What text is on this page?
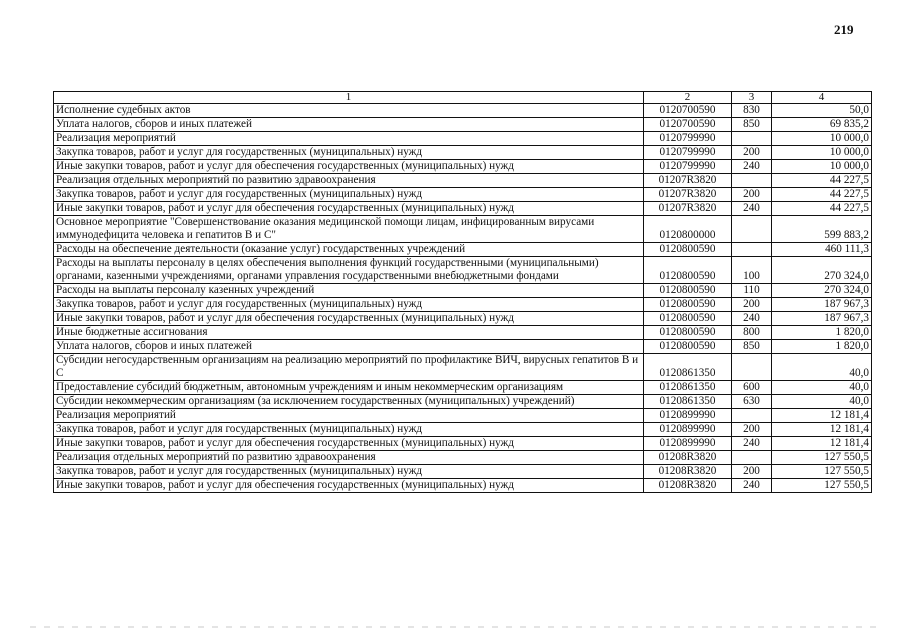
219
1	2	3	4
Исполнение судебных актов	0120700590	830	50,0
Уплата налогов, сборов и иных платежей	0120700590	850	69 835,2
Реализация мероприятий	0120799990		10 000,0
Закупка товаров, работ и услуг для государственных (муниципальных) нужд	0120799990	200	10 000,0
Иные закупки товаров, работ и услуг для обеспечения государственных (муниципальных) нужд	0120799990	240	10 000,0
Реализация отдельных мероприятий по развитию здравоохранения	01207R3820		44 227,5
Закупка товаров, работ и услуг для государственных (муниципальных) нужд	01207R3820	200	44 227,5
Иные закупки товаров, работ и услуг для обеспечения государственных (муниципальных) нужд	01207R3820	240	44 227,5
Основное мероприятие "Совершенствование оказания медицинской помощи лицам, инфицированным вирусами иммунодефицита человека и гепатитов В и С"	0120800000		599 883,2
Расходы на обеспечение деятельности (оказание услуг) государственных учреждений	0120800590		460 111,3
Расходы на выплаты персоналу в целях обеспечения выполнения функций государственными (муниципальными) органами, казенными учреждениями, органами управления государственными внебюджетными фондами	0120800590	100	270 324,0
Расходы на выплаты персоналу казенных учреждений	0120800590	110	270 324,0
Закупка товаров, работ и услуг для государственных (муниципальных) нужд	0120800590	200	187 967,3
Иные закупки товаров, работ и услуг для обеспечения государственных (муниципальных) нужд	0120800590	240	187 967,3
Иные бюджетные ассигнования	0120800590	800	1 820,0
Уплата налогов, сборов и иных платежей	0120800590	850	1 820,0
Субсидии негосударственным организациям на реализацию мероприятий по профилактике ВИЧ, вирусных гепатитов В и С	0120861350		40,0
Предоставление субсидий бюджетным, автономным учреждениям и иным некоммерческим организациям	0120861350	600	40,0
Субсидии некоммерческим организациям (за исключением государственных (муниципальных) учреждений)	0120861350	630	40,0
Реализация мероприятий	0120899990		12 181,4
Закупка товаров, работ и услуг для государственных (муниципальных) нужд	0120899990	200	12 181,4
Иные закупки товаров, работ и услуг для обеспечения государственных (муниципальных) нужд	0120899990	240	12 181,4
Реализация отдельных мероприятий по развитию здравоохранения	01208R3820		127 550,5
Закупка товаров, работ и услуг для государственных (муниципальных) нужд	01208R3820	200	127 550,5
Иные закупки товаров, работ и услуг для обеспечения государственных (муниципальных) нужд	01208R3820	240	127 550,5
